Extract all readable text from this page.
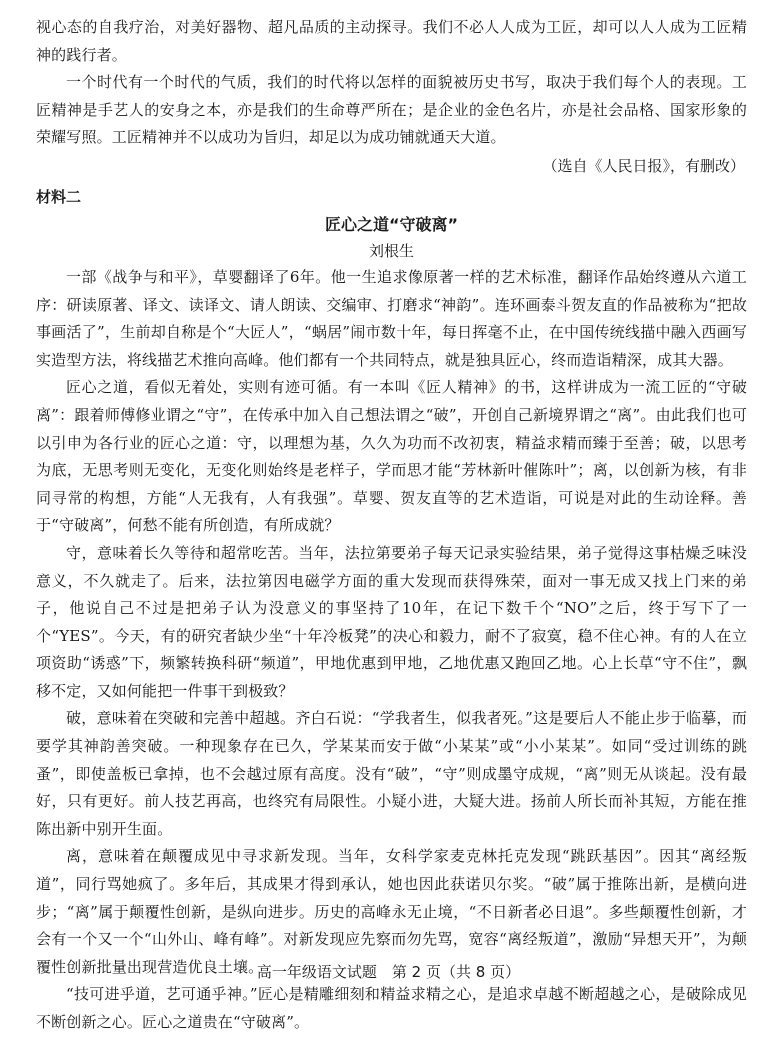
视心态的自我疗治，对美好器物、超凡品质的主动探寻。我们不必人人成为工匠，却可以人人成为工匠精神的践行者。

一个时代有一个时代的气质，我们的时代将以怎样的面貌被历史书写，取决于我们每个人的表现。工匠精神是手艺人的安身之本，亦是我们的生命尊严所在；是企业的金色名片，亦是社会品格、国家形象的荣耀写照。工匠精神并不以成功为旨归，却足以为成功铺就通天大道。

（选自《人民日报》，有删改）
材料二
匠心之道“守破离”
刘根生

一部《战争与和平》，草婴翻译了6年。他一生追求像原著一样的艺术标准，翻译作品始终遵从六道工序：研读原著、译文、读译文、请人朗读、交编审、打磨求“神韵”。连环画泰斗贺友直的作品被称为“把故事画活了”，生前却自称是个“大匠人”，“蜗居”闹市数十年，每日挥毫不止，在中国传统线描中融入西画写实造型方法，将线描艺术推向高峰。他们都有一个共同特点，就是独具匠心，终而造诣精深，成其大器。

匠心之道，看似无着处，实则有迹可循。有一本叫《匠人精神》的书，这样讲成为一流工匠的“守破离”：跟着师傅修业谓之“守”，在传承中加入自己想法谓之“破”，开创自己新境界谓之“离”。由此我们也可以引申为各行业的匠心之道：守，以理想为基，久久为功而不改初衷，精益求精而臻于至善；破，以思考为底，无思考则无变化，无变化则始终是老样子，学而思才能“芳林新叶催陈叶”；离，以创新为核，有非同寻常的构想，方能“人无我有，人有我强”。草婴、贺友直等的艺术造诣，可说是对此的生动诠释。善于“守破离”，何愁不能有所创造，有所成就？

守，意味着长久等待和超常吃苦。当年，法拉第要弟子每天记录实验结果，弟子觉得这事枯燥乏味没意义，不久就走了。后来，法拉第因电磁学方面的重大发现而获得殊荣，面对一事无成又找上门来的弟子，他说自己不过是把弟子认为没意义的事坚持了10年，在记下数千个“NO”之后，终于写下了一个“YES”。今天，有的研究者缺少坐“十年冷板凳”的决心和毅力，耐不了寂寞，稳不住心神。有的人在立项资助“诱惑”下，频繁转换科研“频道”，甲地优惠到甲地，乙地优惠又跑回乙地。心上长草“守不住”，飘移不定，又如何能把一件事干到极致？

破，意味着在突破和完善中超越。齐白石说：“学我者生，似我者死。”这是要后人不能止步于临摹，而要学其神韵善突破。一种现象存在已久，学某某而安于做“小某某”或“小小某某”。如同“受过训练的跳蚤”，即使盖板已拿掉，也不会越过原有高度。没有“破”，“守”则成墨守成规，“离”则无从谈起。没有最好，只有更好。前人技艺再高，也终究有局限性。小疑小进，大疑大进。扬前人所长而补其短，方能在推陈出新中别开生面。

离，意味着在颠覆成见中寻求新发现。当年，女科学家麦克林托克发现“跳跃基因”。因其“离经叛道”，同行骂她疯了。多年后，其成果才得到承认，她也因此获诺贝尔奖。“破”属于推陈出新，是横向进步；“离”属于颠覆性创新，是纵向进步。历史的高峰永无止境，“不日新者必日退”。多些颠覆性创新，才会有一个又一个“山外山、峰有峰”。对新发现应先察而勿先骂，宽容“离经叛道”，激励“异想天开”，为颠覆性创新批量出现营造优良土壤。

“技可进乎道，艺可通乎神。”匠心是精雕细刻和精益求精之心，是追求卓越不断超越之心，是破除成见不断创新之心。匠心之道贵在“守破离”。

高一年级语文试题　第 2 页（共 8 页）
